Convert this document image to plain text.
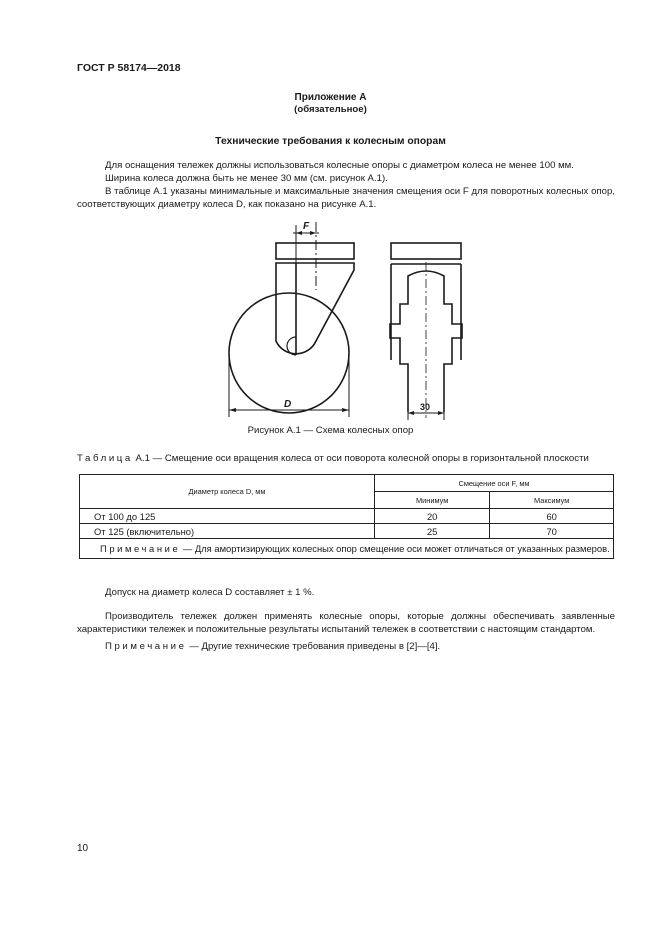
ГОСТ Р 58174—2018
Приложение А
(обязательное)
Технические требования к колесным опорам
Для оснащения тележек должны использоваться колесные опоры с диаметром колеса не менее 100 мм.
Ширина колеса должна быть не менее 30 мм (см. рисунок А.1).
В таблице А.1 указаны минимальные и максимальные значения смещения оси F для поворотных колесных опор, соответствующих диаметру колеса D, как показано на рисунке А.1.
F
D	30
Рисунок А.1 — Схема колесных опор
Таблица А.1 — Смещение оси вращения колеса от оси поворота колесной опоры в горизонтальной плоскости
Диаметр колеса D, мм	Смещение оси F, мм	
	Минимум	Максимум
От 100 до 125	20	60
От 125 (включительно)	25	70
Примечание — Для амортизирующих колесных опор смещение оси может отличаться от указанных размеров.		
Допуск на диаметр колеса D составляет ± 1 %.
Производитель тележек должен применять колесные опоры, которые должны обеспечивать заявленные характеристики тележек и положительные результаты испытаний тележек в соответствии с настоящим стандартом.
Примечание — Другие технические требования приведены в [2]—[4].
10
